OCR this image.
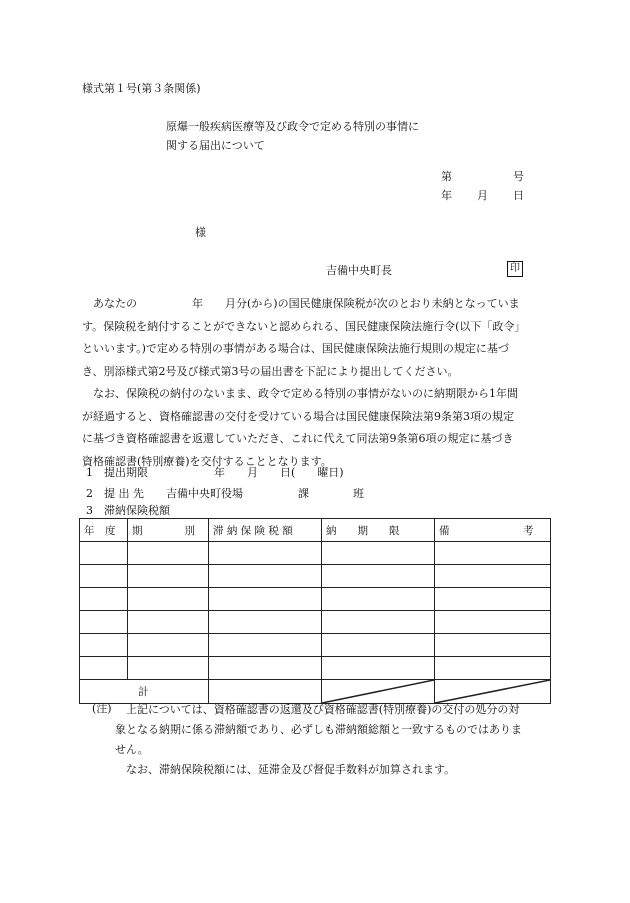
様式第１号(第３条関係)
原爆一般疾病医療等及び政令で定める特別の事情に
関する届出について
第	号
年 月 日
様
吉備中央町長	印
あなたの　　　　　年　　月分(から)の国民健康保険税が次のとおり未納となっていま
す。保険税を納付することができないと認められる、国民健康保険法施行令(以下「政令」
といいます。)で定める特別の事情がある場合は、国民健康保険法施行規則の規定に基づ
き、別添様式第2号及び様式第3号の届出書を下記により提出してください。
なお、保険税の納付のないまま、政令で定める特別の事情がないのに納期限から1年間
が経過すると、資格確認書の交付を受けている場合は国民健康保険法第9条第3項の規定
に基づき資格確認書を返還していただき、これに代えて同法第9条第6項の規定に基づき
資格確認書(特別療養)を交付することとなります。
1　提出期限　　　　　　年　　月　　日(　　曜日)
2　提 出 先　　吉備中央町役場　　　　　課　　　　班
3　滞納保険税額
年　度	期　　　　別	滞 納 保 険 税 額	納　　期　　限	備　　　　　　　考

計		

(注) 上記については、資格確認書の返還及び資格確認書(特別療養)の交付の処分の対
象となる納期に係る滞納額であり、必ずしも滞納額総額と一致するものではありま
せん。
なお、滞納保険税額には、延滞金及び督促手数料が加算されます。
